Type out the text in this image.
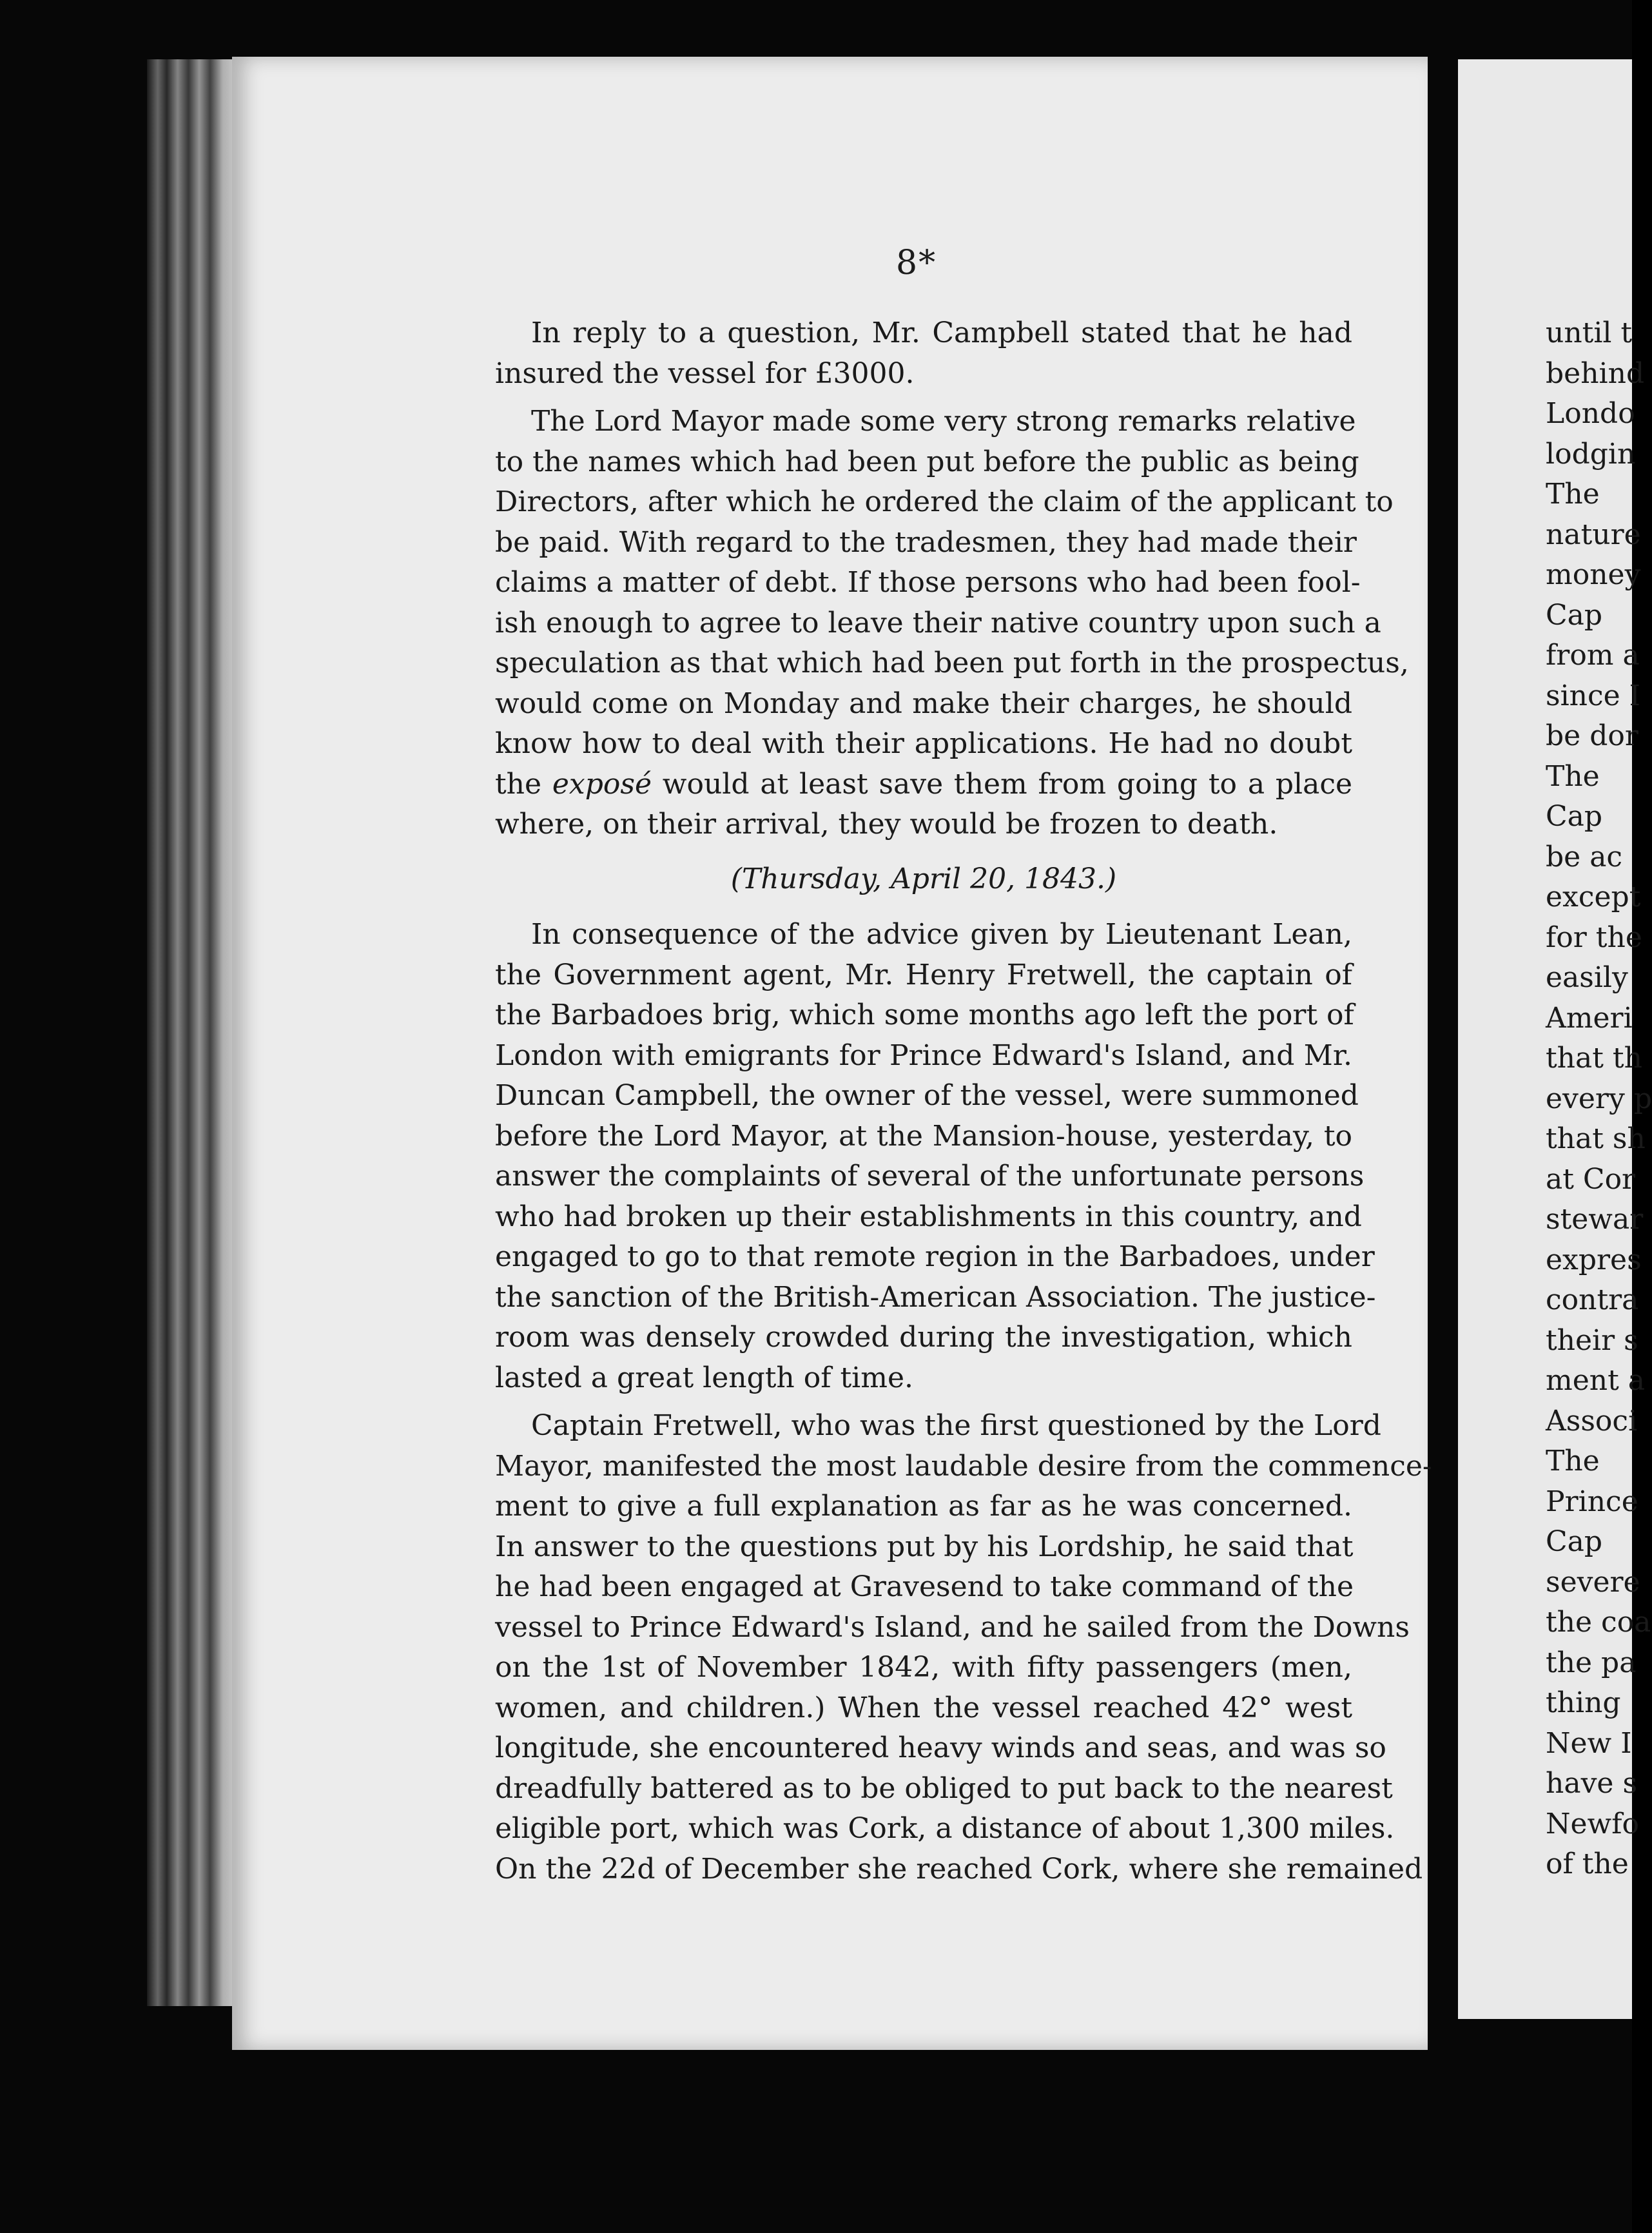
8*
In reply to a question, Mr. Campbell stated that he had
insured the vessel for £3000.
The Lord Mayor made some very strong remarks relative
to the names which had been put before the public as being
Directors, after which he ordered the claim of the applicant to
be paid. With regard to the tradesmen, they had made their
claims a matter of debt. If those persons who had been fool-
ish enough to agree to leave their native country upon such a
speculation as that which had been put forth in the prospectus,
would come on Monday and make their charges, he should
know how to deal with their applications. He had no doubt
the exposé would at least save them from going to a place
where, on their arrival, they would be frozen to death.
(Thursday, April 20, 1843.)
In consequence of the advice given by Lieutenant Lean,
the Government agent, Mr. Henry Fretwell, the captain of
the Barbadoes brig, which some months ago left the port of
London with emigrants for Prince Edward's Island, and Mr.
Duncan Campbell, the owner of the vessel, were summoned
before the Lord Mayor, at the Mansion-house, yesterday, to
answer the complaints of several of the unfortunate persons
who had broken up their establishments in this country, and
engaged to go to that remote region in the Barbadoes, under
the sanction of the British-American Association. The justice-
room was densely crowded during the investigation, which
lasted a great length of time.
Captain Fretwell, who was the first questioned by the Lord
Mayor, manifested the most laudable desire from the commence-
ment to give a full explanation as far as he was concerned.
In answer to the questions put by his Lordship, he said that
he had been engaged at Gravesend to take command of the
vessel to Prince Edward's Island, and he sailed from the Downs
on the 1st of November 1842, with fifty passengers (men,
women, and children.) When the vessel reached 42° west
longitude, she encountered heavy winds and seas, and was so
dreadfully battered as to be obliged to put back to the nearest
eligible port, which was Cork, a distance of about 1,300 miles.
On the 22d of December she reached Cork, where she remained
until t
behind
Londo
lodgin
The
nature
money
Cap
from a
since I
be dor
The
Cap
be ac
except
for the
easily
Ameri
that th
every p
that sh
at Cor
stewar
expres
contra
their s
ment a
Associ
The
Prince
Cap
severe
the coa
the pa
thing
New I
have s
Newfo
of the
